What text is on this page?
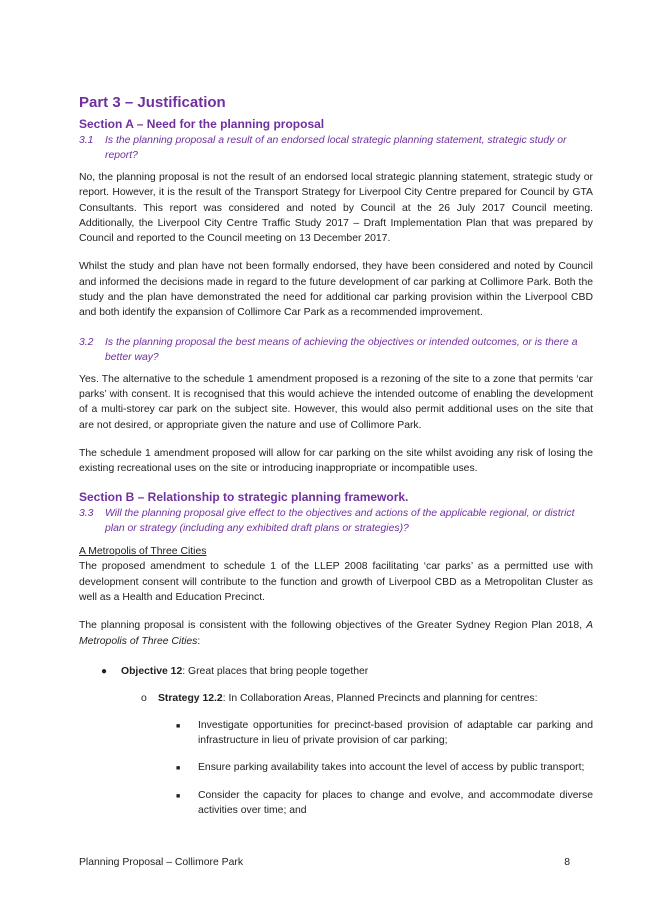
Part 3 – Justification
Section A – Need for the planning proposal
3.1	Is the planning proposal a result of an endorsed local strategic planning statement, strategic study or report?

No, the planning proposal is not the result of an endorsed local strategic planning statement, strategic study or report. However, it is the result of the Transport Strategy for Liverpool City Centre prepared for Council by GTA Consultants. This report was considered and noted by Council at the 26 July 2017 Council meeting. Additionally, the Liverpool City Centre Traffic Study 2017 – Draft Implementation Plan that was prepared by Council and reported to the Council meeting on 13 December 2017.

Whilst the study and plan have not been formally endorsed, they have been considered and noted by Council and informed the decisions made in regard to the future development of car parking at Collimore Park. Both the study and the plan have demonstrated the need for additional car parking provision within the Liverpool CBD and both identify the expansion of Collimore Car Park as a recommended improvement.

3.2	Is the planning proposal the best means of achieving the objectives or intended outcomes, or is there a better way?

Yes. The alternative to the schedule 1 amendment proposed is a rezoning of the site to a zone that permits ‘car parks’ with consent. It is recognised that this would achieve the intended outcome of enabling the development of a multi-storey car park on the subject site. However, this would also permit additional uses on the site that are not desired, or appropriate given the nature and use of Collimore Park.

The schedule 1 amendment proposed will allow for car parking on the site whilst avoiding any risk of losing the existing recreational uses on the site or introducing inappropriate or incompatible uses.

Section B – Relationship to strategic planning framework.
3.3	Will the planning proposal give effect to the objectives and actions of the applicable regional, or district plan or strategy (including any exhibited draft plans or strategies)?
A Metropolis of Three Cities

The proposed amendment to schedule 1 of the LLEP 2008 facilitating ‘car parks’ as a permitted use with development consent will contribute to the function and growth of Liverpool CBD as a Metropolitan Cluster as well as a Health and Education Precinct.

The planning proposal is consistent with the following objectives of the Greater Sydney Region Plan 2018, A Metropolis of Three Cities:

●	Objective 12: Great places that bring people together
o	Strategy 12.2: In Collaboration Areas, Planned Precincts and planning for centres:
■	Investigate opportunities for precinct-based provision of adaptable car parking and infrastructure in lieu of private provision of car parking;
■	Ensure parking availability takes into account the level of access by public transport;
■	Consider the capacity for places to change and evolve, and accommodate diverse activities over time; and
Planning Proposal – Collimore Park	8
